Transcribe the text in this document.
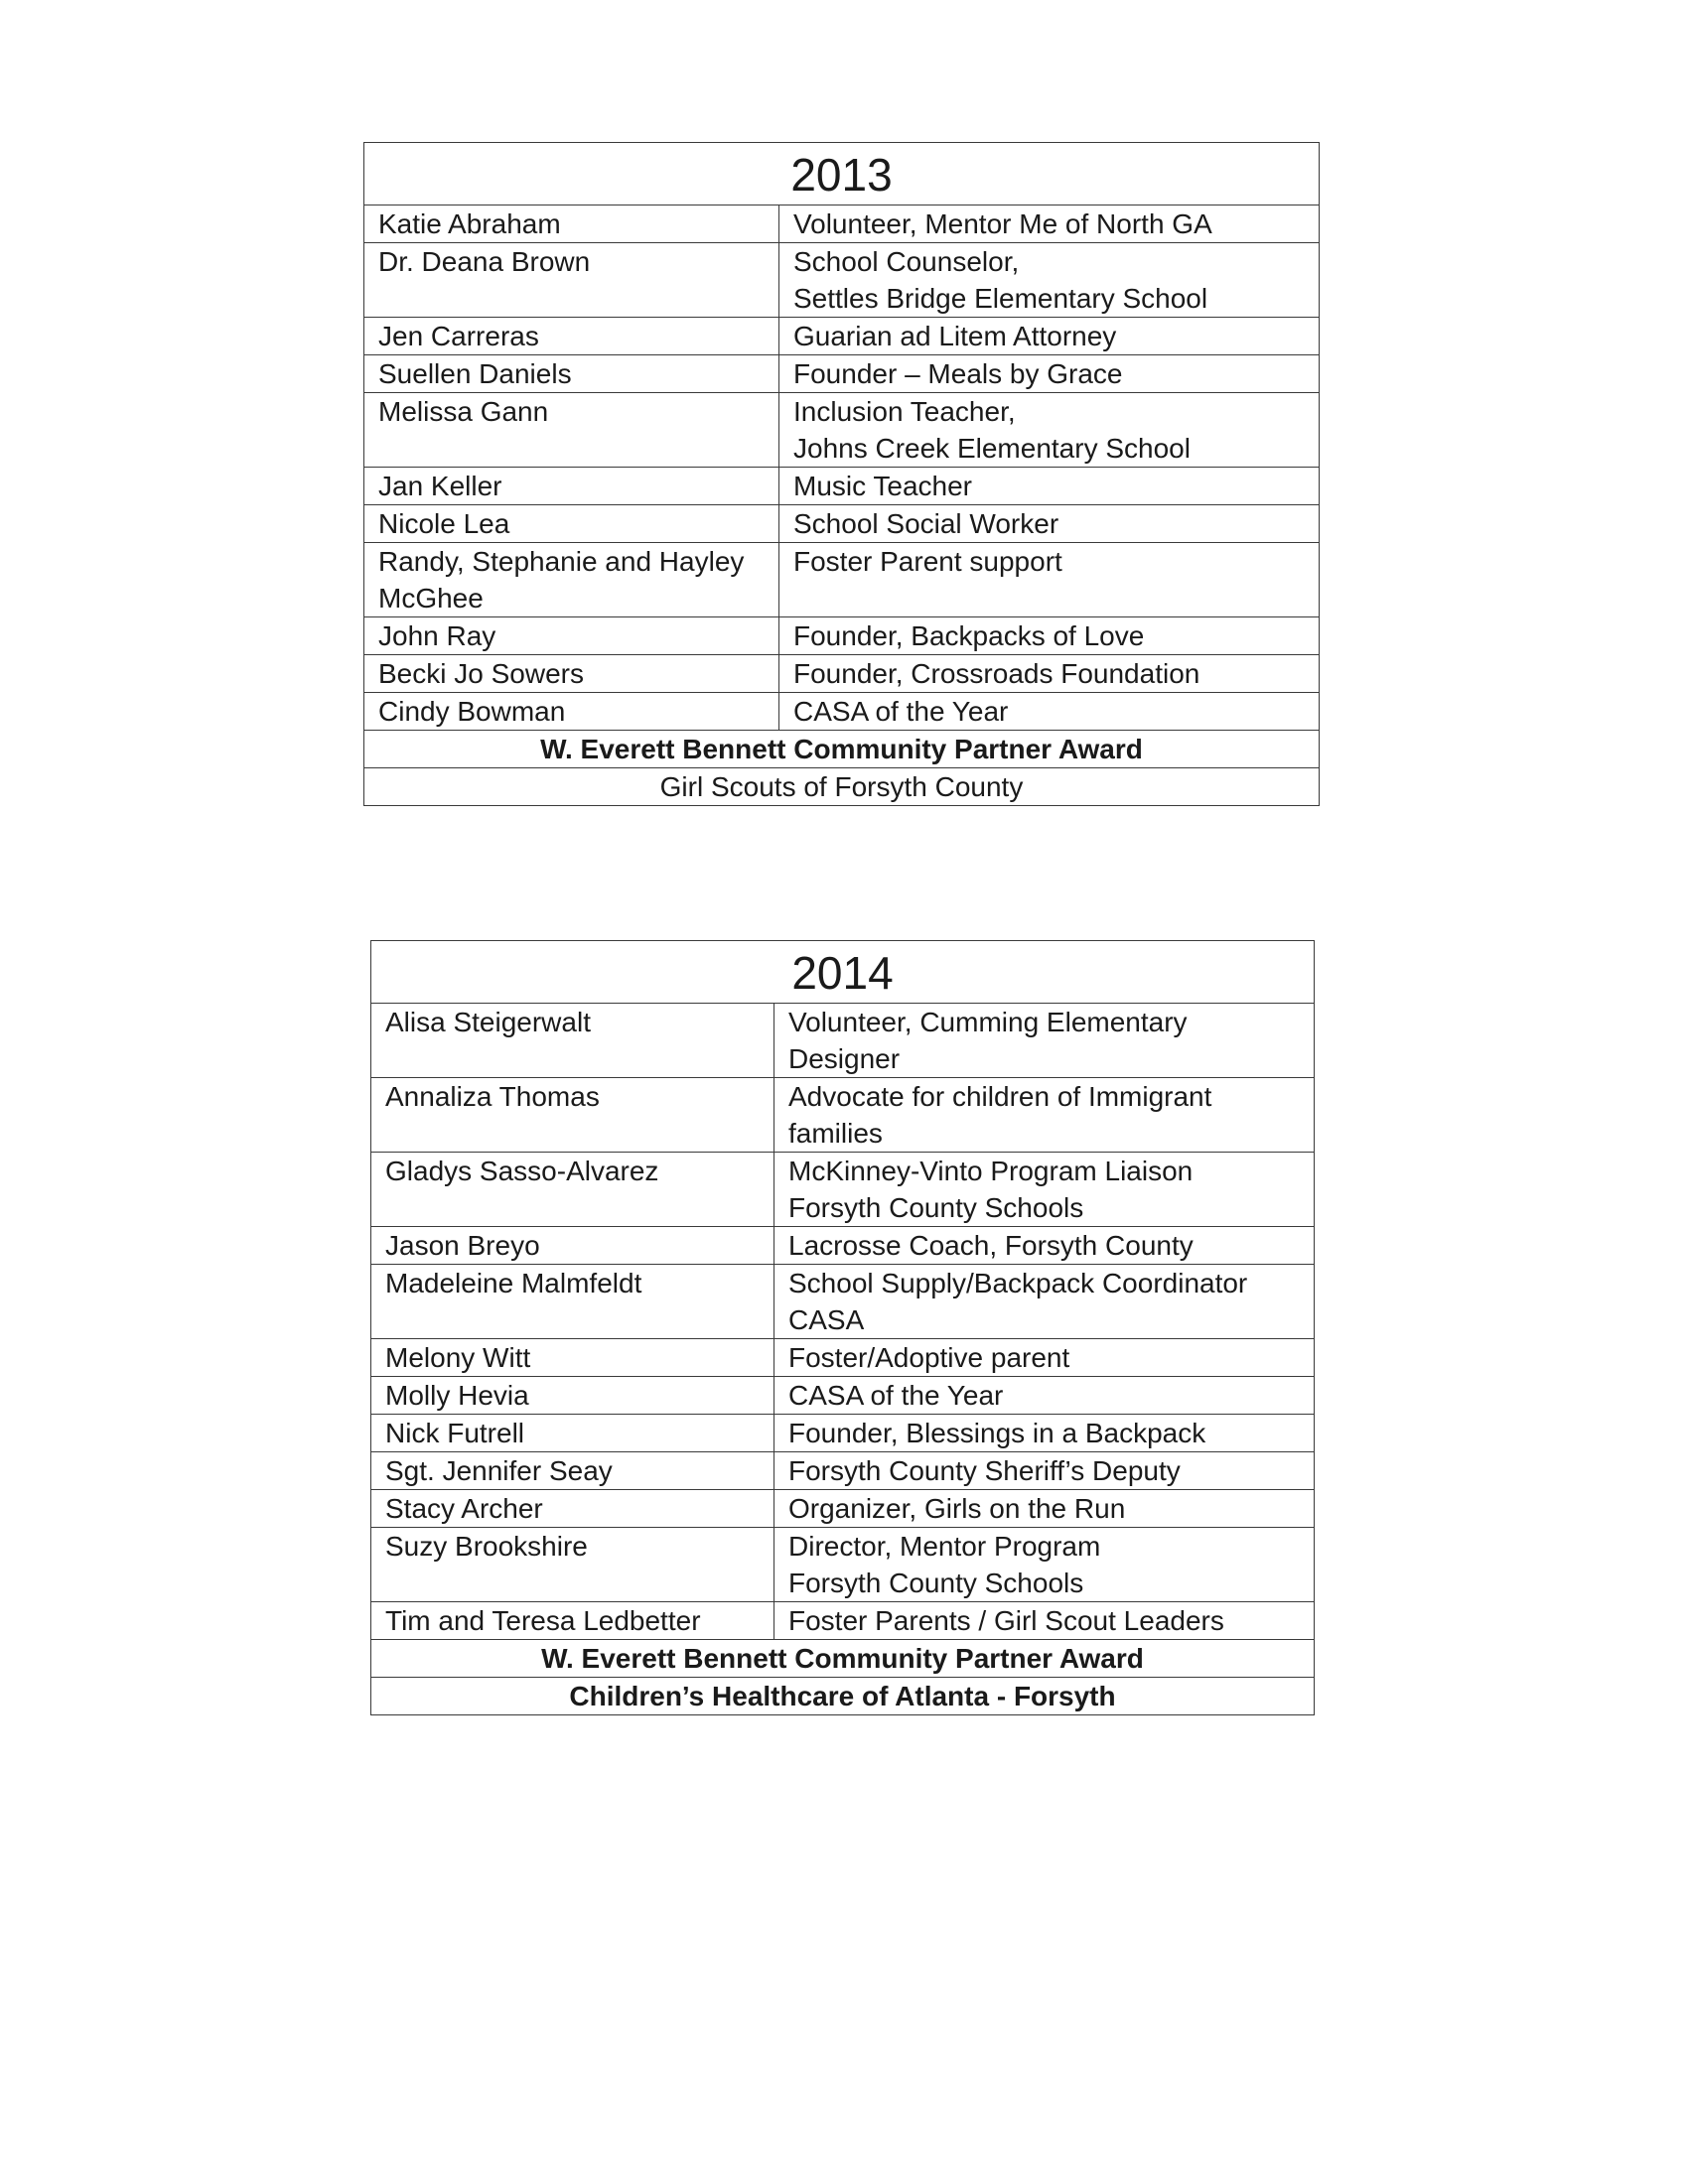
2013	
Katie Abraham	Volunteer, Mentor Me of North GA
Dr. Deana Brown	School Counselor,
Settles Bridge Elementary School
Jen Carreras	Guarian ad Litem Attorney
Suellen Daniels	Founder – Meals by Grace
Melissa Gann	Inclusion Teacher,
Johns Creek Elementary School
Jan Keller	Music Teacher
Nicole Lea	School Social Worker
Randy, Stephanie and Hayley McGhee	Foster Parent support
John Ray	Founder, Backpacks of Love
Becki Jo Sowers	Founder, Crossroads Foundation
Cindy Bowman	CASA of the Year
W. Everett Bennett Community Partner Award	
Girl Scouts of Forsyth County	
2014	
Alisa Steigerwalt	Volunteer, Cumming Elementary
Designer
Annaliza Thomas	Advocate for children of Immigrant families
Gladys Sasso-Alvarez	McKinney-Vinto Program Liaison
Forsyth County Schools
Jason Breyo	Lacrosse Coach, Forsyth County
Madeleine Malmfeldt	School Supply/Backpack Coordinator
CASA
Melony Witt	Foster/Adoptive parent
Molly Hevia	CASA of the Year
Nick Futrell	Founder, Blessings in a Backpack
Sgt. Jennifer Seay	Forsyth County Sheriff’s Deputy
Stacy Archer	Organizer, Girls on the Run
Suzy Brookshire	Director, Mentor Program
Forsyth County Schools
Tim and Teresa Ledbetter	Foster Parents / Girl Scout Leaders
W. Everett Bennett Community Partner Award	
Children’s Healthcare of Atlanta - Forsyth	
